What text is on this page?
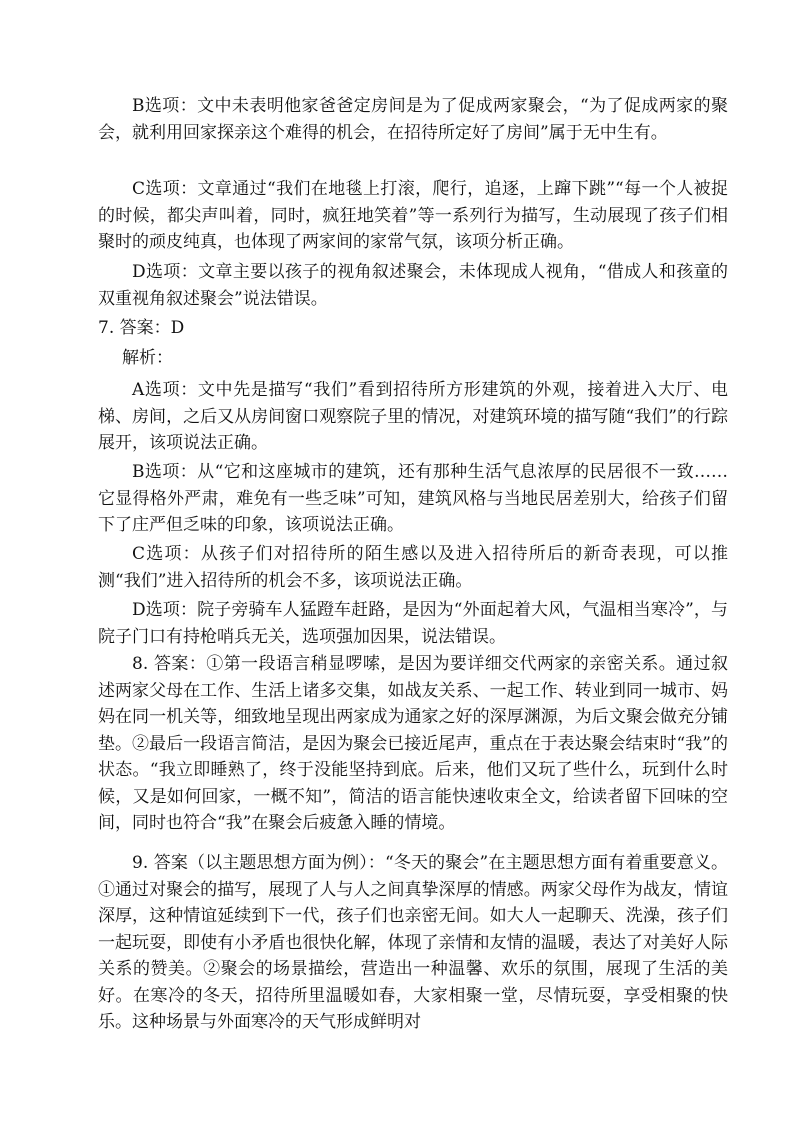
B选项：文中未表明他家爸爸定房间是为了促成两家聚会，“为了促成两家的聚会，就利用回家探亲这个难得的机会，在招待所定好了房间”属于无中生有。

C选项：文章通过“我们在地毯上打滚，爬行，追逐，上蹿下跳”“每一个人被捉的时候，都尖声叫着，同时，疯狂地笑着”等一系列行为描写，生动展现了孩子们相聚时的顽皮纯真，也体现了两家间的家常气氛，该项分析正确。

D选项：文章主要以孩子的视角叙述聚会，未体现成人视角，“借成人和孩童的双重视角叙述聚会”说法错误。

7. 答案：D

解析：

A选项：文中先是描写“我们”看到招待所方形建筑的外观，接着进入大厅、电梯、房间，之后又从房间窗口观察院子里的情况，对建筑环境的描写随“我们”的行踪展开，该项说法正确。

B选项：从“它和这座城市的建筑，还有那种生活气息浓厚的民居很不一致……它显得格外严肃，难免有一些乏味”可知，建筑风格与当地民居差别大，给孩子们留下了庄严但乏味的印象，该项说法正确。

C选项：从孩子们对招待所的陌生感以及进入招待所后的新奇表现，可以推测“我们”进入招待所的机会不多，该项说法正确。

D选项：院子旁骑车人猛蹬车赶路，是因为“外面起着大风，气温相当寒冷”，与院子门口有持枪哨兵无关，选项强加因果，说法错误。

8. 答案：①第一段语言稍显啰嗦，是因为要详细交代两家的亲密关系。通过叙述两家父母在工作、生活上诸多交集，如战友关系、一起工作、转业到同一城市、妈妈在同一机关等，细致地呈现出两家成为通家之好的深厚渊源，为后文聚会做充分铺垫。②最后一段语言简洁，是因为聚会已接近尾声，重点在于表达聚会结束时“我”的状态。“我立即睡熟了，终于没能坚持到底。后来，他们又玩了些什么，玩到什么时候，又是如何回家，一概不知”，简洁的语言能快速收束全文，给读者留下回味的空间，同时也符合“我”在聚会后疲惫入睡的情境。

9. 答案（以主题思想方面为例）：“冬天的聚会”在主题思想方面有着重要意义。①通过对聚会的描写，展现了人与人之间真挚深厚的情感。两家父母作为战友，情谊深厚，这种情谊延续到下一代，孩子们也亲密无间。如大人一起聊天、洗澡，孩子们一起玩耍，即使有小矛盾也很快化解，体现了亲情和友情的温暖，表达了对美好人际关系的赞美。②聚会的场景描绘，营造出一种温馨、欢乐的氛围，展现了生活的美好。在寒冷的冬天，招待所里温暖如春，大家相聚一堂，尽情玩耍，享受相聚的快乐。这种场景与外面寒冷的天气形成鲜明对
